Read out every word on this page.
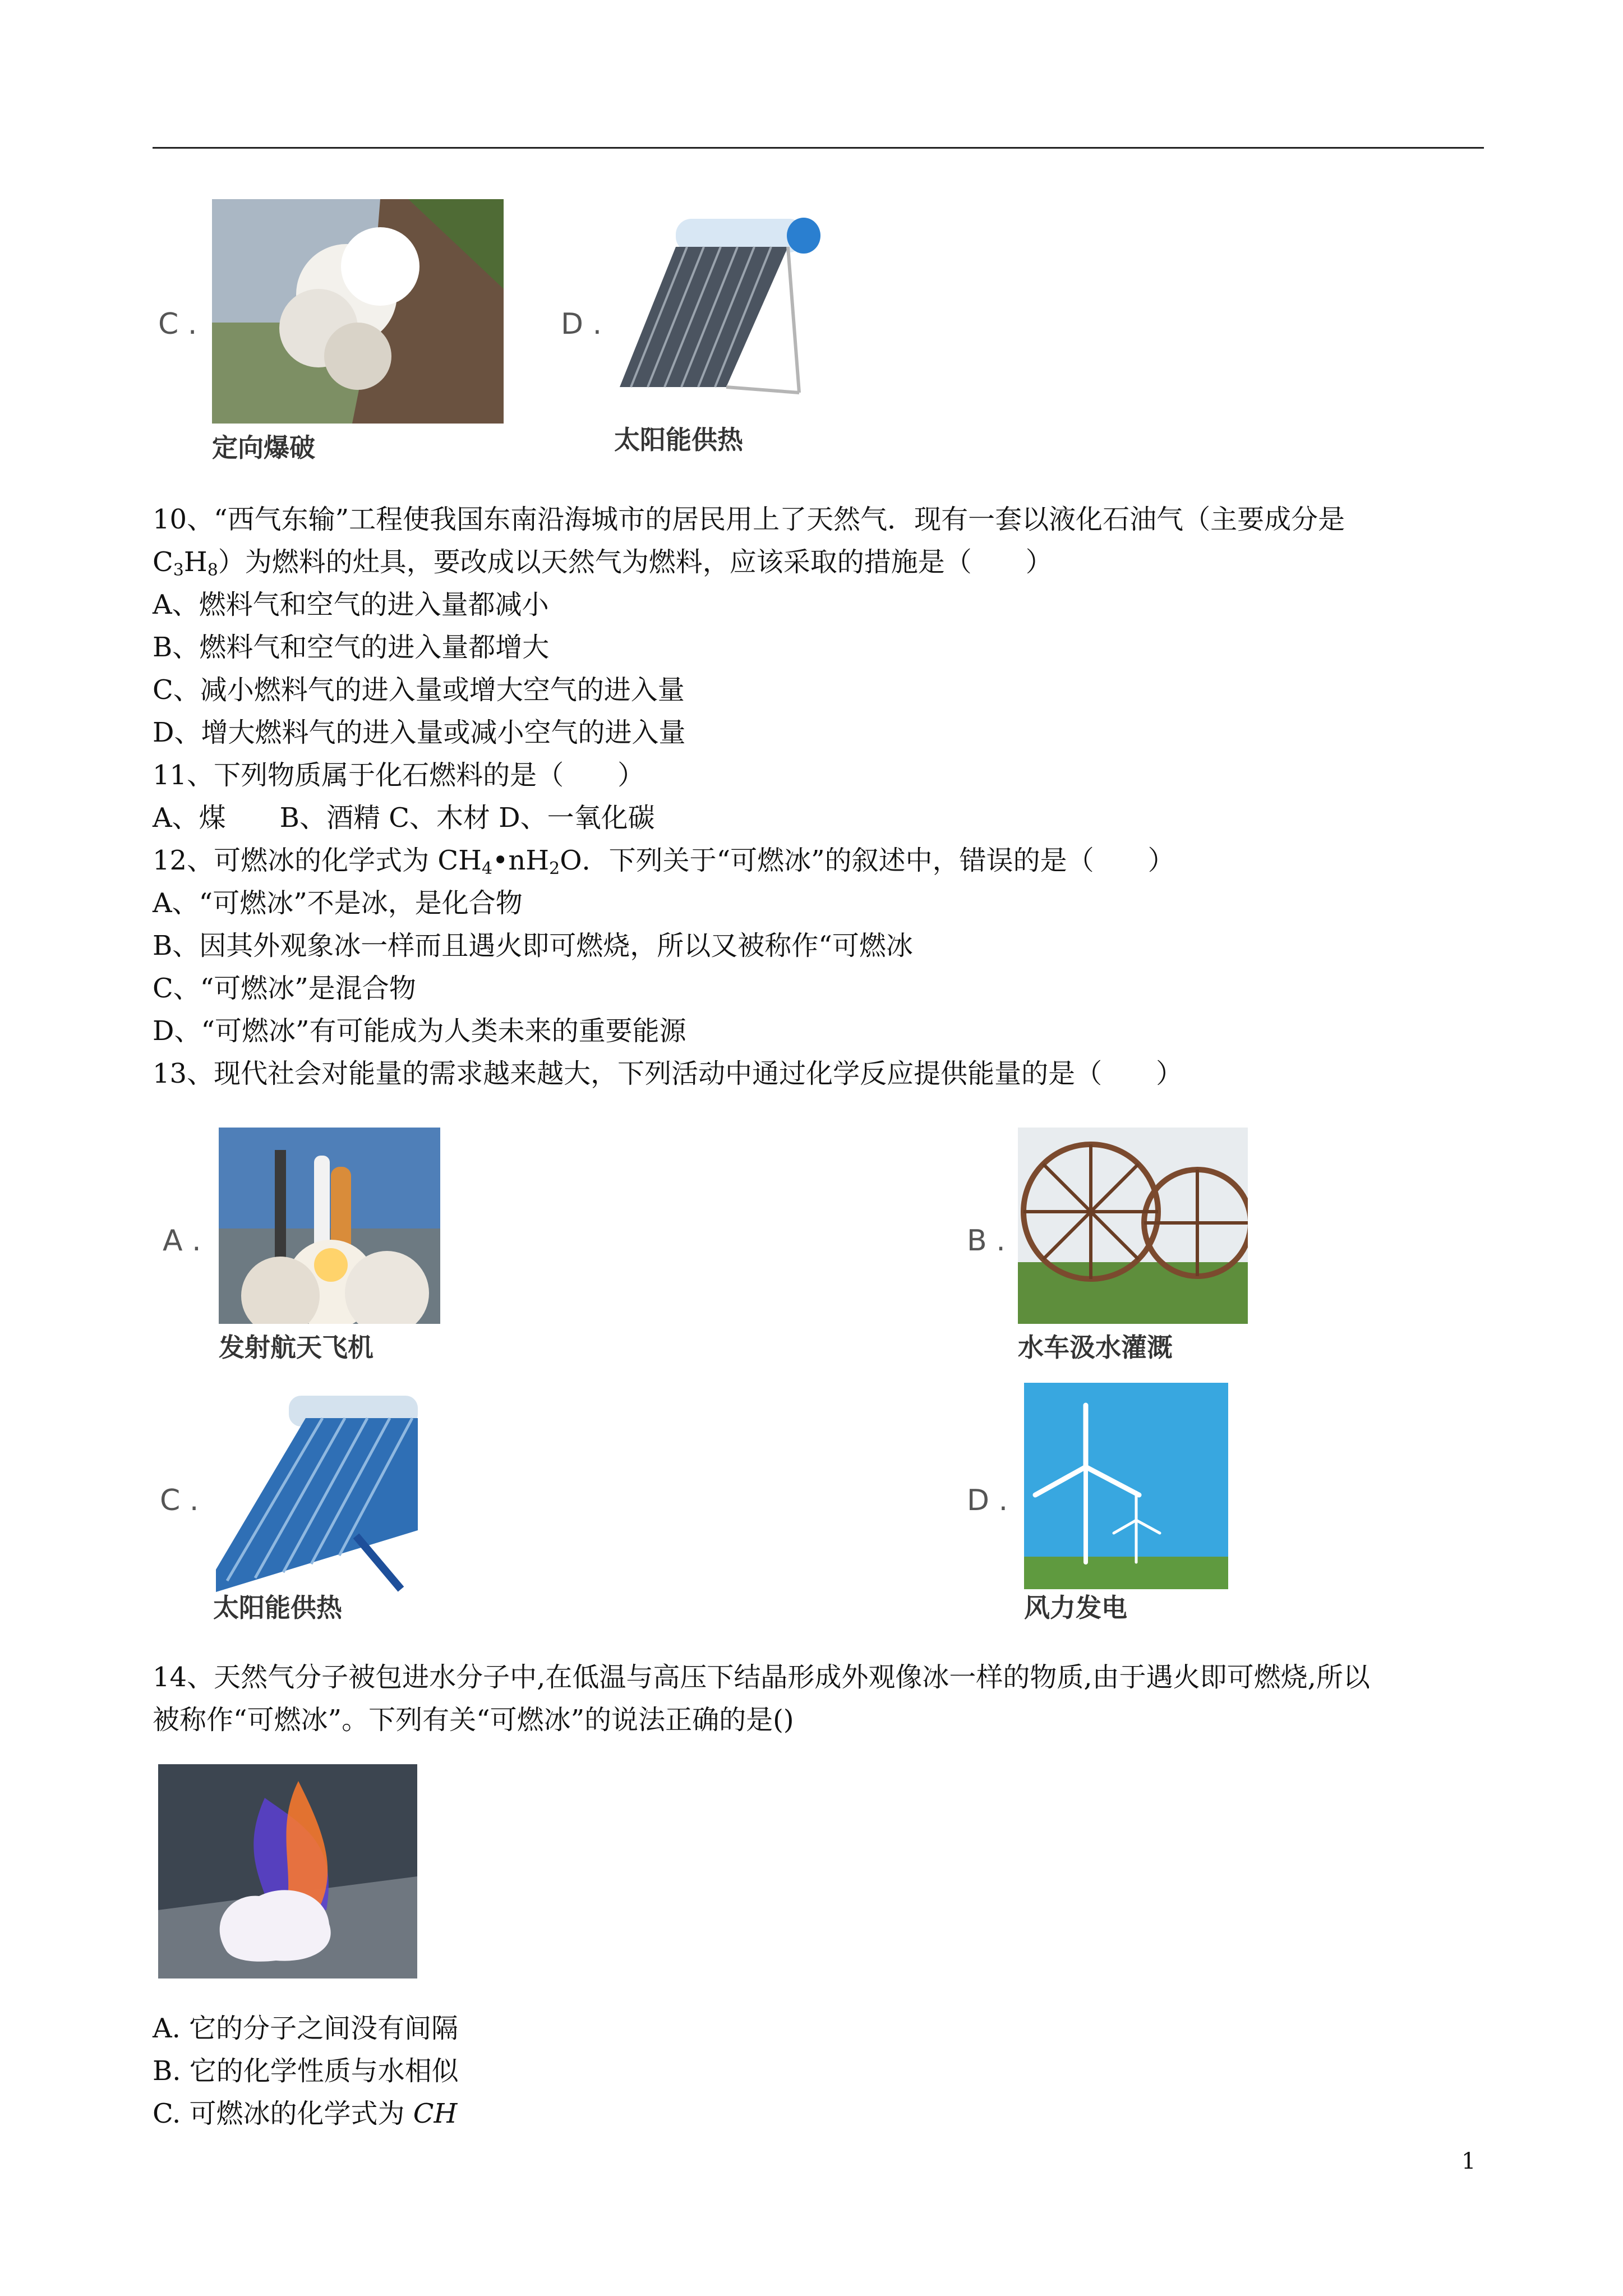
C .
定向爆破
D .
太阳能供热
10、“西气东输”工程使我国东南沿海城市的居民用上了天然气．现有一套以液化石油气（主要成分是
$C_3H_8$）为燃料的灶具，要改成以天然气为燃料，应该采取的措施是（　　）
A、燃料气和空气的进入量都减小
B、燃料气和空气的进入量都增大
C、减小燃料气的进入量或增大空气的进入量
D、增大燃料气的进入量或减小空气的进入量
11、下列物质属于化石燃料的是（　　）
A、煤　　B、酒精 C、木材 D、一氧化碳
12、可燃冰的化学式为 $CH_4•nH_2O$．下列关于“可燃冰”的叙述中，错误的是（　　）
A、“可燃冰”不是冰，是化合物
B、因其外观象冰一样而且遇火即可燃烧，所以又被称作“可燃冰
C、“可燃冰”是混合物
D、“可燃冰”有可能成为人类未来的重要能源
13、现代社会对能量的需求越来越大，下列活动中通过化学反应提供能量的是（　　）
A .
发射航天飞机
B .
水车汲水灌溉
C .
太阳能供热
D .
风力发电
14、天然气分子被包进水分子中,在低温与高压下结晶形成外观像冰一样的物质,由于遇火即可燃烧,所以
被称作“可燃冰”。下列有关“可燃冰”的说法正确的是()
A. 它的分子之间没有间隔
B. 它的化学性质与水相似
C. 可燃冰的化学式为 CH
1
